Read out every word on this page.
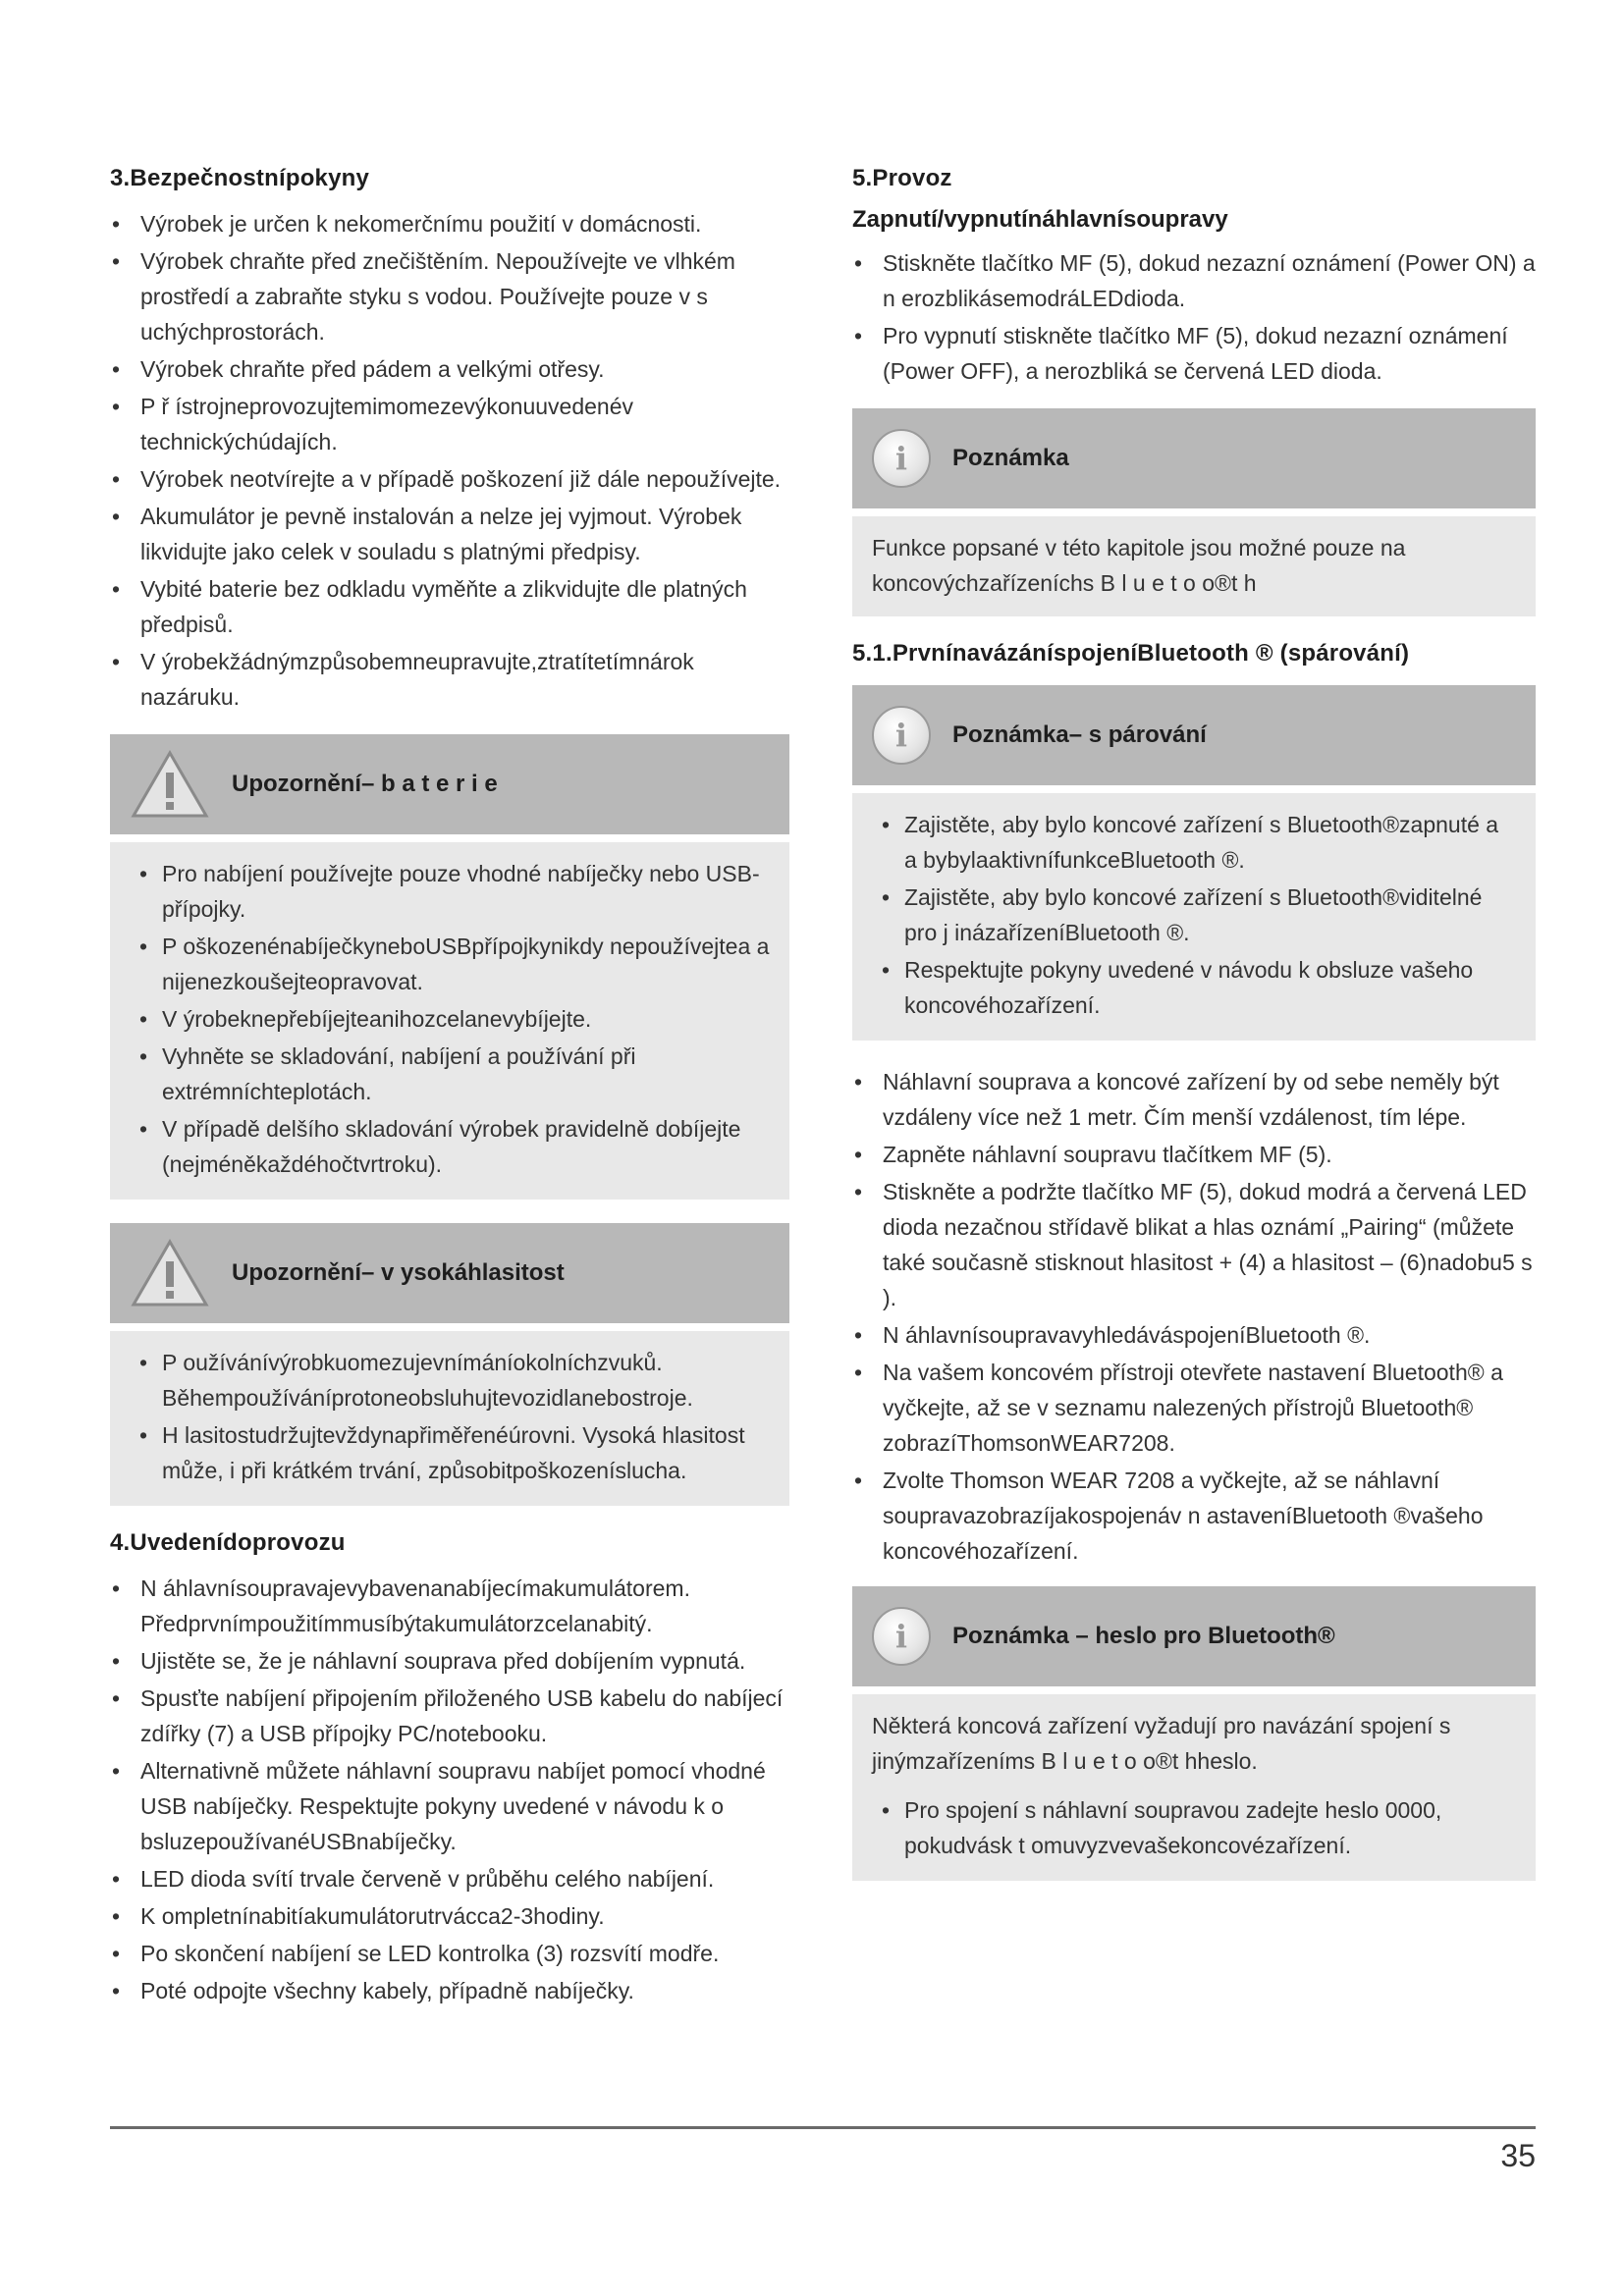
3.Bezpečnostnípokyny
• Výrobek je určen k nekomerčnímu použití v domácnosti.
• Výrobek chraňte před znečištěním. Nepoužívejte ve vlhkém prostředí a zabraňte styku s vodou. Používejte pouze v s uchýchprostorách.
• Výrobek chraňte před pádem a velkými otřesy.
• P ř ístrojneprovozujtemimomezevýkonuuvedenév technickýchúdajích.
• Výrobek neotvírejte a v případě poškození již dále nepoužívejte.
• Akumulátor je pevně instalován a nelze jej vyjmout. Výrobek likvidujte jako celek v souladu s platnými předpisy.
• Vybité baterie bez odkladu vyměňte a zlikvidujte dle platných předpisů.
• V ýrobekžádnýmzpůsobemneupravujte,ztratítetímnárok nazáruku.
Upozornění– b a t e r i e
• Pro nabíjení používejte pouze vhodné nabíječky nebo USB-přípojky.
• P oškozenénabíječkyneboUSBpřípojkynikdy nepoužívejtea a nijenezkoušejteopravovat.
• V ýrobeknepřebíjejteanihozcelanevybíjejte.
• Vyhněte se skladování, nabíjení a používání při extrémníchteplotách.
• V případě delšího skladování výrobek pravidelně dobíjejte (nejméněkaždéhočtvrtroku).
Upozornění– v ysokáhlasitost
• P oužívánívýrobkuomezujevnímáníokolníchzvuků. Běhempoužíváníprotoneobsluhujtevozidlanebostroje.
• H lasitostudržujtevždynapřiměřenéúrovni. Vysoká hlasitost může, i při krátkém trvání, způsobitpoškozeníslucha.
4.Uvedenídoprovozu
• N áhlavnísoupravajevybavenanabíjecímakumulátorem. Předprvnímpoužitímmusíbýtakumulátorzcelanabitý.
• Ujistěte se, že je náhlavní souprava před dobíjením vypnutá.
• Spusťte nabíjení připojením přiloženého USB kabelu do nabíjecí zdířky (7) a USB přípojky PC/notebooku.
• Alternativně můžete náhlavní soupravu nabíjet pomocí vhodné USB nabíječky. Respektujte pokyny uvedené v návodu k o bsluzepoužívanéUSBnabíječky.
• LED dioda svítí trvale červeně v průběhu celého nabíjení.
• K ompletnínabitíakumulátorutrvácca2-3hodiny.
• Po skončení nabíjení se LED kontrolka (3) rozsvítí modře.
• Poté odpojte všechny kabely, případně nabíječky.
5.Provoz
Zapnutí/vypnutínáhlavnísoupravy
• Stiskněte tlačítko MF (5), dokud nezazní oznámení (Power ON) a n erozblikásemodráLEDdioda.
• Pro vypnutí stiskněte tlačítko MF (5), dokud nezazní oznámení (Power OFF), a nerozbliká se červená LED dioda.
i Poznámka

Funkce popsané v této kapitole jsou možné pouze na koncovýchzařízeníchs B l u e t o o®t h

5.1.PrvnínavázáníspojeníBluetooth ® (spárování)
i Poznámka– s párování
• Zajistěte, aby bylo koncové zařízení s Bluetooth®zapnuté a a bybylaaktivnífunkceBluetooth ®.
• Zajistěte, aby bylo koncové zařízení s Bluetooth®viditelné pro j inázařízeníBluetooth ®.
• Respektujte pokyny uvedené v návodu k obsluze vašeho koncovéhozařízení.
• Náhlavní souprava a koncové zařízení by od sebe neměly být vzdáleny více než 1 metr. Čím menší vzdálenost, tím lépe.
• Zapněte náhlavní soupravu tlačítkem MF (5).
• Stiskněte a podržte tlačítko MF (5), dokud modrá a červená LED dioda nezačnou střídavě blikat a hlas oznámí „Pairing“ (můžete také současně stisknout hlasitost + (4) a hlasitost – (6)nadobu5 s ).
• N áhlavnísoupravavyhledáváspojeníBluetooth ®.
• Na vašem koncovém přístroji otevřete nastavení Bluetooth® a vyčkejte, až se v seznamu nalezených přístrojů Bluetooth® zobrazíThomsonWEAR7208.
• Zvolte Thomson WEAR 7208 a vyčkejte, až se náhlavní soupravazobrazíjakospojenáv n astaveníBluetooth ®vašeho koncovéhozařízení.
i Poznámka – heslo pro Bluetooth®

Některá koncová zařízení vyžadují pro navázání spojení s jinýmzařízeníms B l u e t o o®t hheslo.

• Pro spojení s náhlavní soupravou zadejte heslo 0000, pokudvásk t omuvyzvevašekoncovézařízení.
35
